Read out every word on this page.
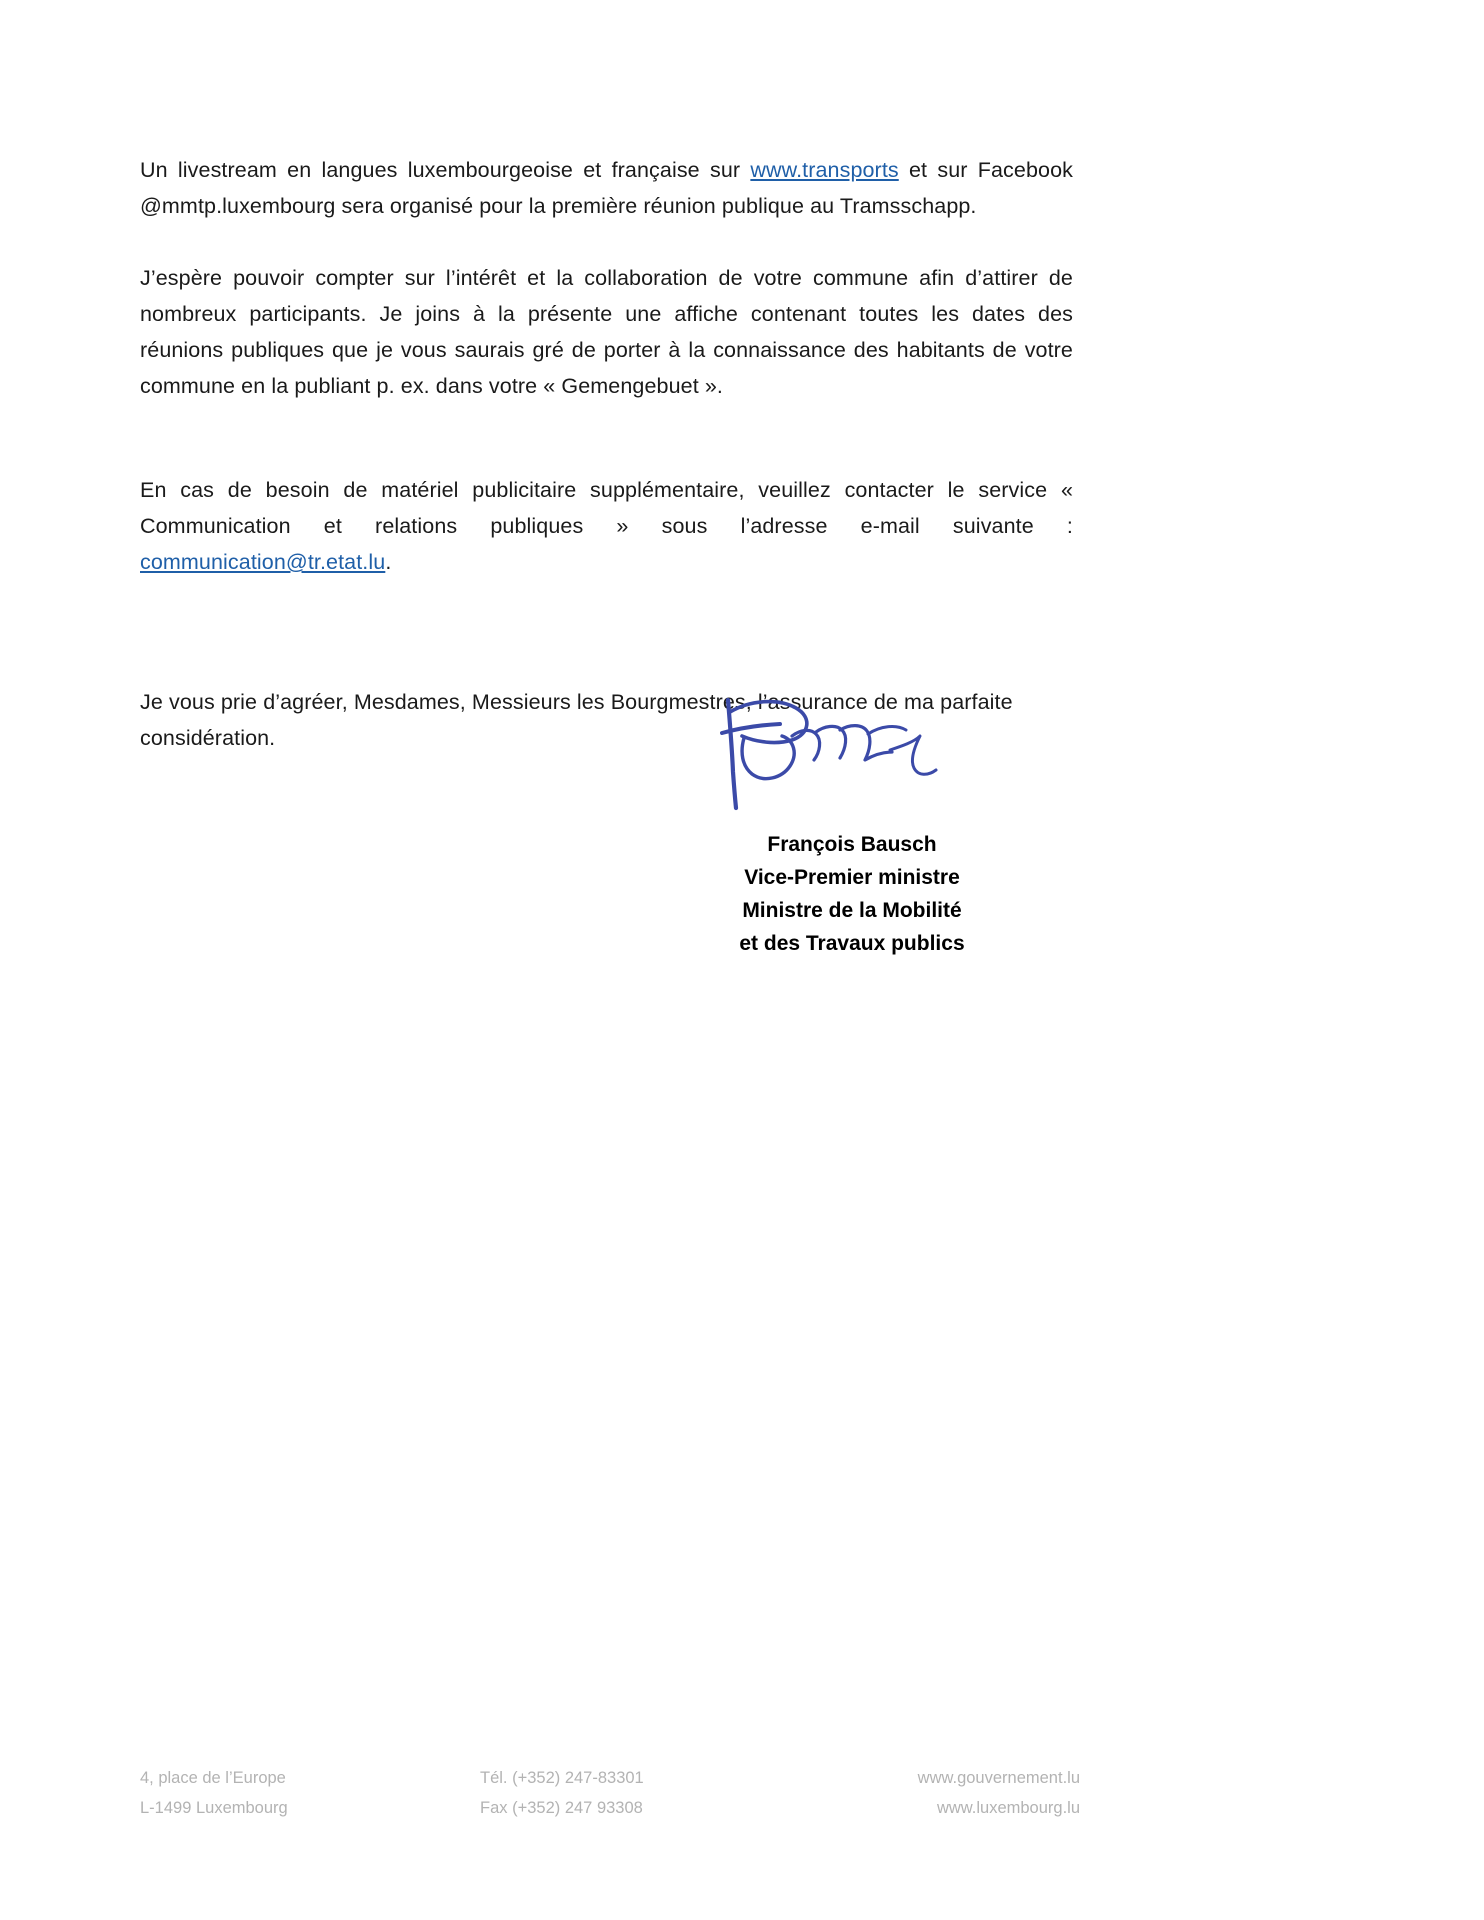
Un livestream en langues luxembourgeoise et française sur www.transports et sur Facebook @mmtp.luxembourg sera organisé pour la première réunion publique au Tramsschapp.

J’espère pouvoir compter sur l’intérêt et la collaboration de votre commune afin d’attirer de nombreux participants. Je joins à la présente une affiche contenant toutes les dates des réunions publiques que je vous saurais gré de porter à la connaissance des habitants de votre commune en la publiant p. ex. dans votre « Gemengebuet ».

En cas de besoin de matériel publicitaire supplémentaire, veuillez contacter le service « Communication et relations publiques » sous l’adresse e-mail suivante : communication@tr.etat.lu.

Je vous prie d’agréer, Mesdames, Messieurs les Bourgmestres, l’assurance de ma parfaite considération.

François Bausch
Vice-Premier ministre
Ministre de la Mobilité
et des Travaux publics
4, place de l’Europe
L-1499 Luxembourg
Tél. (+352) 247-83301
Fax (+352) 247 93308
www.gouvernement.lu
www.luxembourg.lu
